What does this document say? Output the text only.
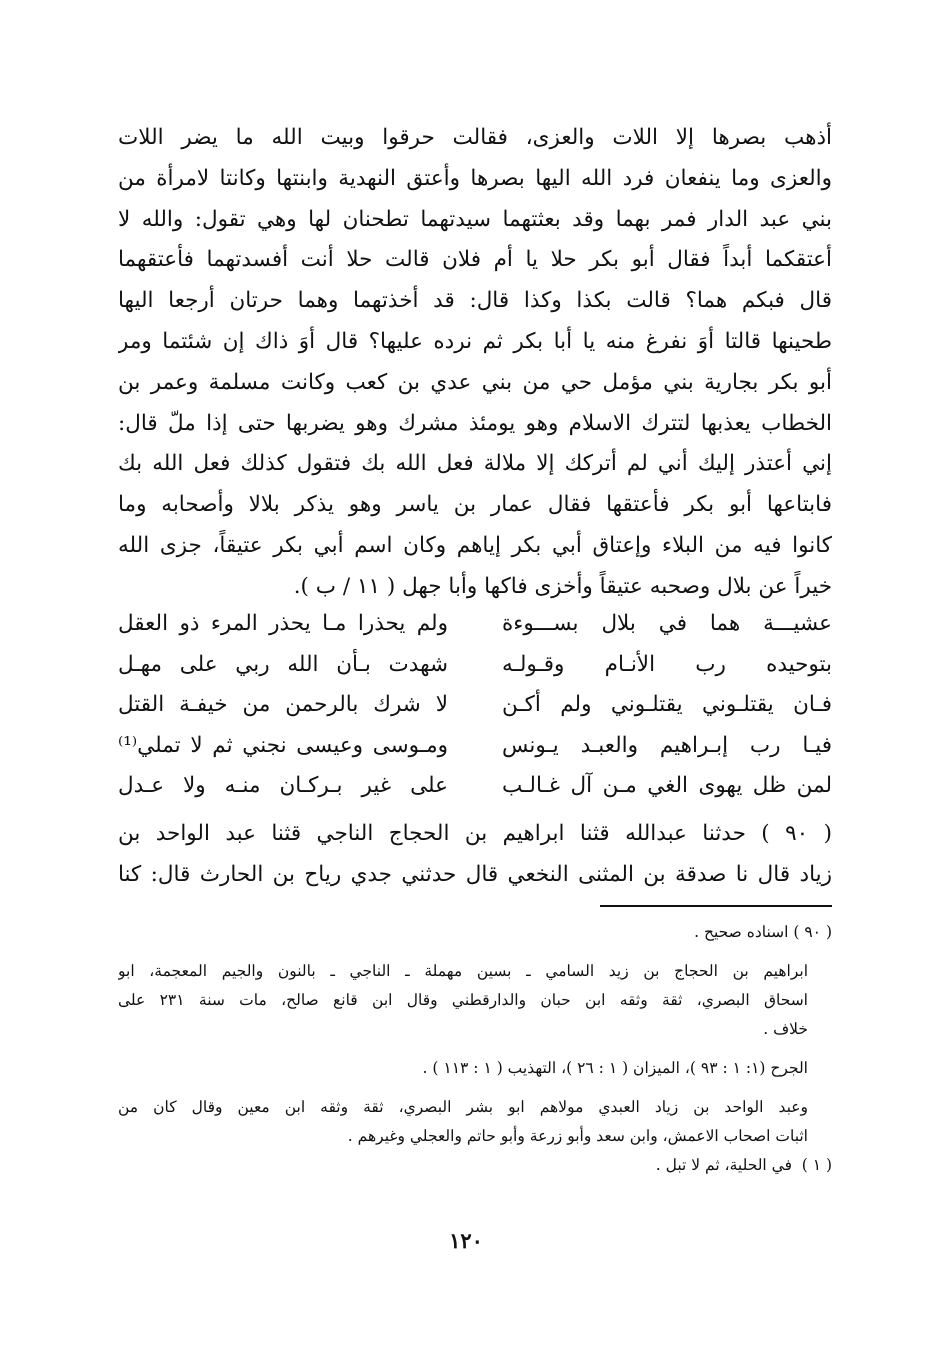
أذهب بصرها إلا اللات والعزى، فقالت حرقوا وبيت الله ما يضر اللات
والعزى وما ينفعان فرد الله اليها بصرها وأعتق النهدية وابنتها وكانتا لامرأة من
بني عبد الدار فمر بهما وقد بعثتهما سيدتهما تطحنان لها وهي تقول: والله لا
أعتقكما أبداً فقال أبو بكر حلا يا أم فلان قالت حلا أنت أفسدتهما فأعتقهما
قال فبكم هما؟ قالت بكذا وكذا قال: قد أخذتهما وهما حرتان أرجعا اليها
طحينها قالتا أوَ نفرغ منه يا أبا بكر ثم نرده عليها؟ قال أوَ ذاك إن شئتما ومر
أبو بكر بجارية بني مؤمل حي من بني عدي بن كعب وكانت مسلمة وعمر بن
الخطاب يعذبها لتترك الاسلام وهو يومئذ مشرك وهو يضربها حتى إذا ملّ قال:
إني أعتذر إليك أني لم أتركك إلا ملالة فعل الله بك فتقول كذلك فعل الله بك
فابتاعها أبو بكر فأعتقها فقال عمار بن ياسر وهو يذكر بلالا وأصحابه وما
كانوا فيه من البلاء وإعتاق أبي بكر إياهم وكان اسم أبي بكر عتيقاً، جزى الله
خيراً عن بلال وصحبه عتيقاً وأخزى فاكها وأبا جهل ( ١١ / ب ).
عشيـــة هما في بلال بســـوءة
ولم يحذرا مـا يحذر المرء ذو العقل
بتوحيده رب الأنـام وقـولـه
شهدت بـأن الله ربي على مهـل
فـان يقتلـوني يقتلـوني ولم أكـن
لا شرك بالرحمن من خيفـة القتل
فيـا رب إبـراهيم والعبـد يـونس
ومـوسى وعيسى نجني ثم لا تملي⁽¹⁾
لمن ظل يهوى الغي مـن آل غـالـب
على غير بـركـان منـه ولا عـدل
( ٩٠ ) حدثنا عبدالله قثنا ابراهيم بن الحجاج الناجي قثنا عبد الواحد بن
زياد قال نا صدقة بن المثنى النخعي قال حدثني جدي رياح بن الحارث قال: كنا
( ٩٠ ) اسناده صحيح .
ابراهيم بن الحجاج بن زيد السامي ـ بسين مهملة ـ الناجي ـ بالنون والجيم المعجمة، ابو
اسحاق البصري، ثقة وثقه ابن حبان والدارقطني وقال ابن قانع صالح، مات سنة ٢٣١ على
خلاف .
الجرح (١: ١ : ٩٣ )، الميزان ( ١ : ٢٦ )، التهذيب ( ١ : ١١٣ ) .
وعبد الواحد بن زياد العبدي مولاهم ابو بشر البصري، ثقة وثقه ابن معين وقال كان من
اثبات اصحاب الاعمش، وابن سعد وأبو زرعة وأبو حاتم والعجلي وغيرهم .
( ١ )
في الحلية، ثم لا تبل .
١٢٠
